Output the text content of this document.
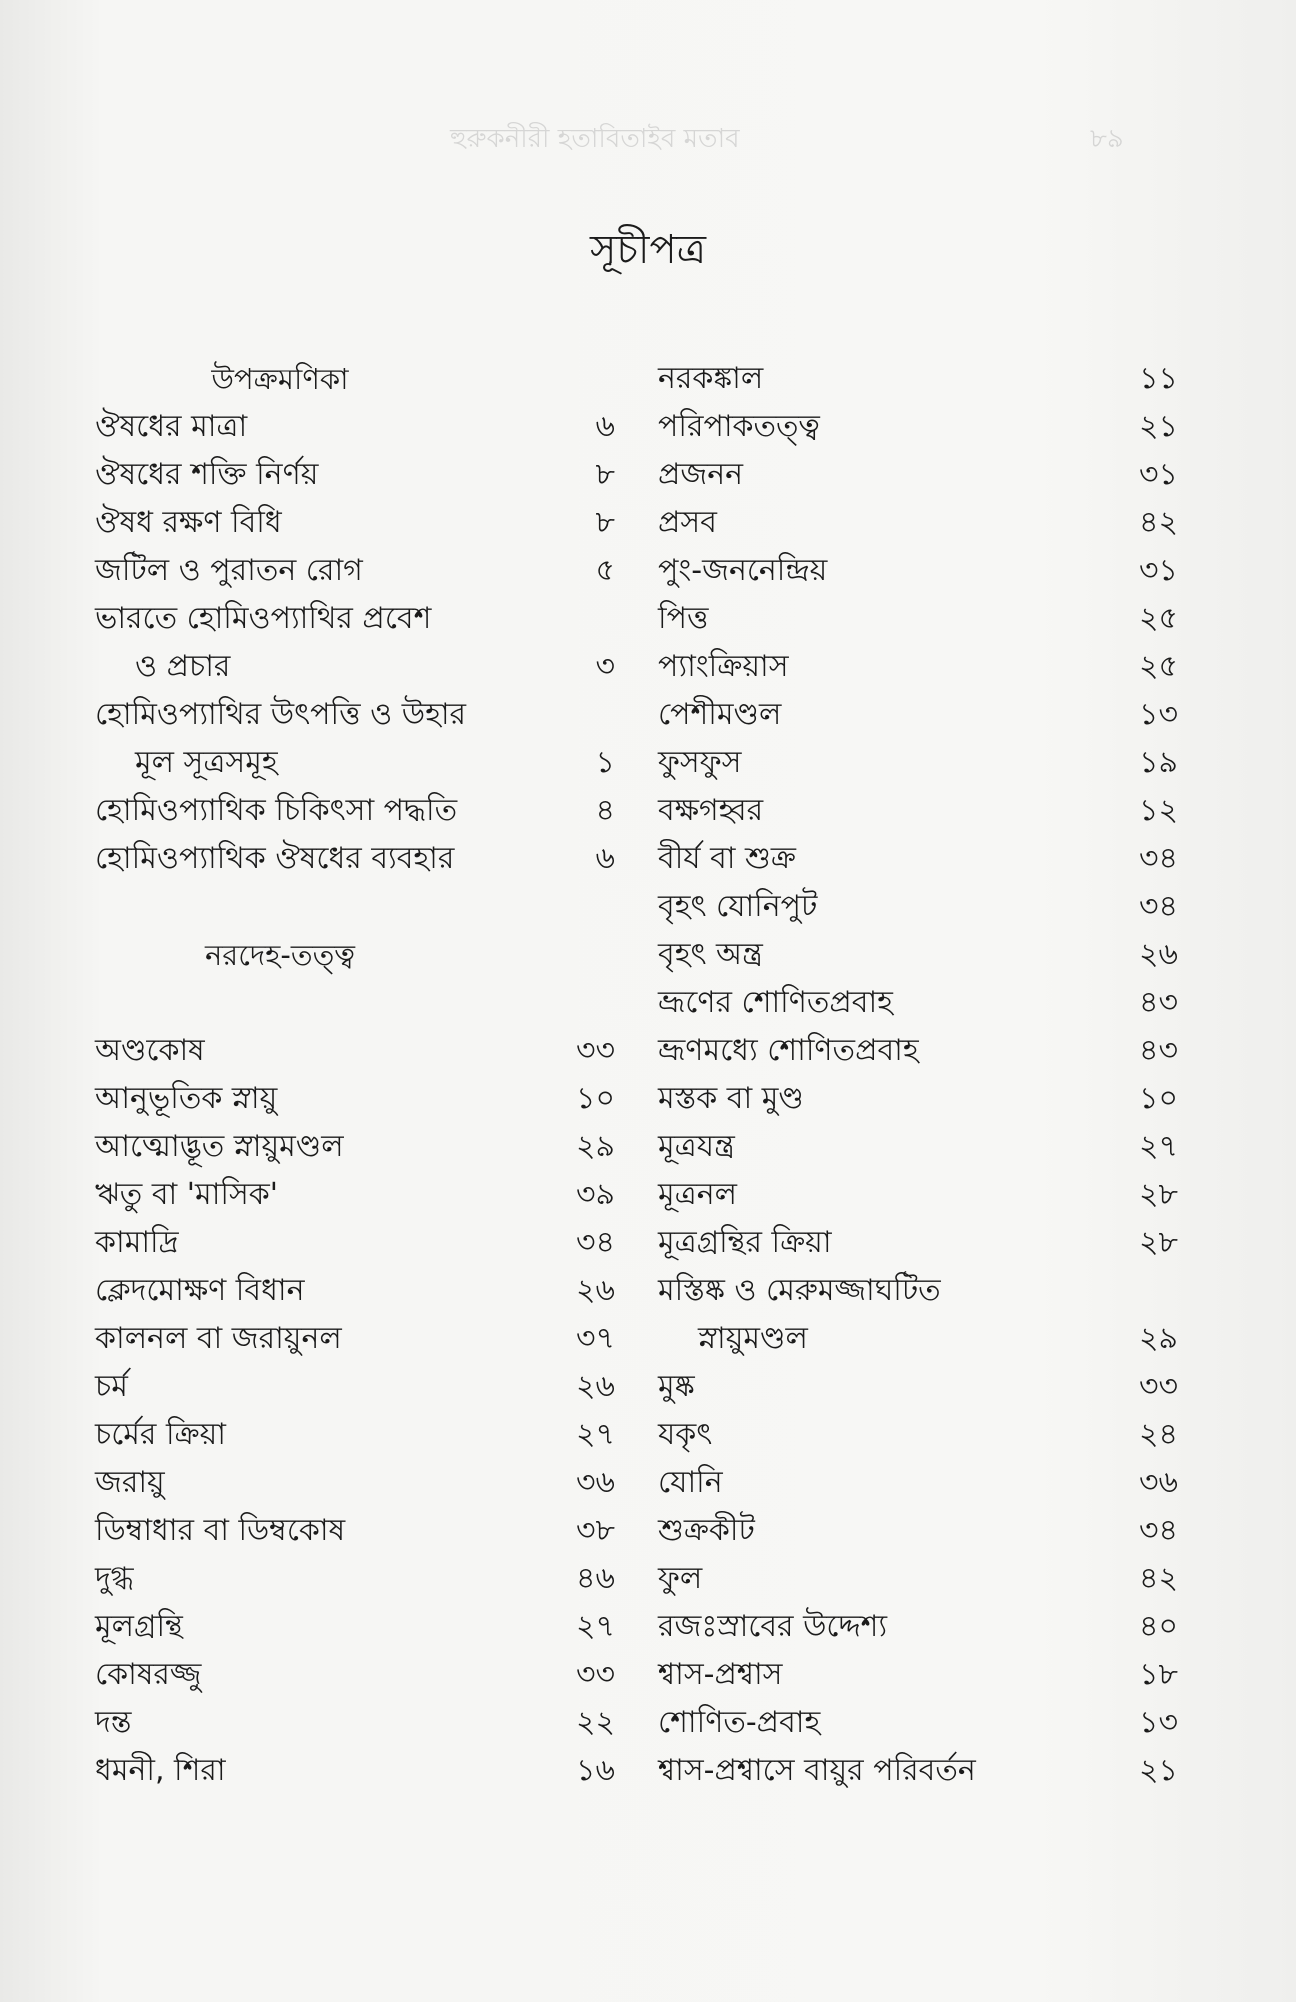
হুরুকনীরী হতাবিতাইব মতাব	৮৯
সূচীপত্র
উপক্রমণিকা
ঔষধের মাত্রা	৬
ঔষধের শক্তি নির্ণয়	৮
ঔষধ রক্ষণ বিধি	৮
জটিল ও পুরাতন রোগ	৫
ভারতে হোমিওপ্যাথির প্রবেশ
ও প্রচার	৩
হোমিওপ্যাথির উৎপত্তি ও উহার
মূল সূত্রসমূহ	১
হোমিওপ্যাথিক চিকিৎসা পদ্ধতি	৪
হোমিওপ্যাথিক ঔষধের ব্যবহার	৬
নরদেহ-তত্ত্ব
অণ্ডকোষ	৩৩
আনুভূতিক স্নায়ু	১০
আত্মোদ্ভূত স্নায়ুমণ্ডল	২৯
ঋতু বা 'মাসিক'	৩৯
কামাদ্রি	৩৪
ক্লেদমোক্ষণ বিধান	২৬
কালনল বা জরায়ুনল	৩৭
চর্ম	২৬
চর্মের ক্রিয়া	২৭
জরায়ু	৩৬
ডিম্বাধার বা ডিম্বকোষ	৩৮
দুগ্ধ	৪৬
মূলগ্রন্থি	২৭
কোষরজ্জু	৩৩
দন্ত	২২
ধমনী, শিরা	১৬
নরকঙ্কাল	১১
পরিপাকতত্ত্ব	২১
প্রজনন	৩১
প্রসব	৪২
পুং-জননেন্দ্রিয়	৩১
পিত্ত	২৫
প্যাংক্রিয়াস	২৫
পেশীমণ্ডল	১৩
ফুসফুস	১৯
বক্ষগহ্বর	১২
বীর্য বা শুক্র	৩৪
বৃহৎ যোনিপুট	৩৪
বৃহৎ অন্ত্র	২৬
ভ্রূণের শোণিতপ্রবাহ	৪৩
ভ্রূণমধ্যে শোণিতপ্রবাহ	৪৩
মস্তক বা মুণ্ড	১০
মূত্রযন্ত্র	২৭
মূত্রনল	২৮
মূত্রগ্রন্থির ক্রিয়া	২৮
মস্তিষ্ক ও মেরুমজ্জাঘটিত
স্নায়ুমণ্ডল	২৯
মুষ্ক	৩৩
যকৃৎ	২৪
যোনি	৩৬
শুক্রকীট	৩৪
ফুল	৪২
রজঃস্রাবের উদ্দেশ্য	৪০
শ্বাস-প্রশ্বাস	১৮
শোণিত-প্রবাহ	১৩
শ্বাস-প্রশ্বাসে বায়ুর পরিবর্তন	২১
